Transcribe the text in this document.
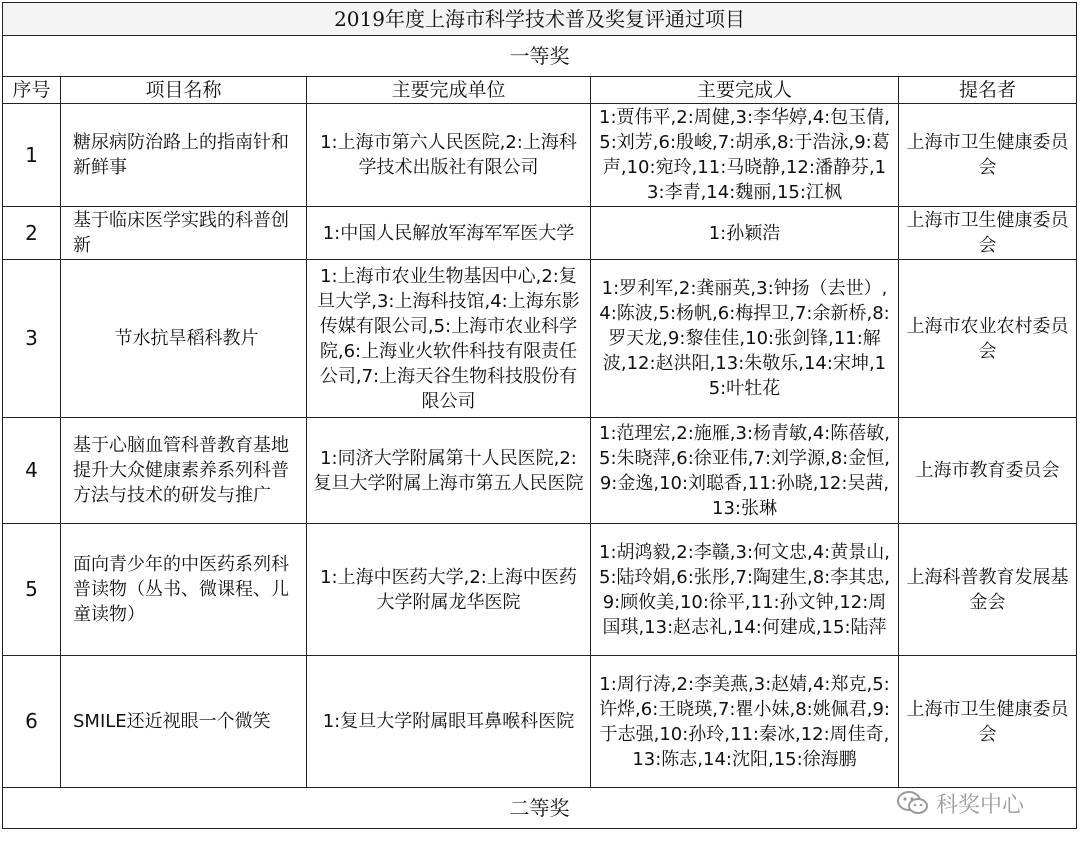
2019年度上海市科学技术普及奖复评通过项目				
一等奖				
序号	项目名称	主要完成单位	主要完成人	提名者
1	糖尿病防治路上的指南针和新鲜事	1:上海市第六人民医院,2:上海科学技术出版社有限公司	1:贾伟平,2:周健,3:李华婷,4:包玉倩,5:刘芳,6:殷峻,7:胡承,8:于浩泳,9:葛声,10:宛玲,11:马晓静,12:潘静芬,13:李青,14:魏丽,15:江枫	上海市卫生健康委员会
2	基于临床医学实践的科普创新	1:中国人民解放军海军军医大学	1:孙颖浩	上海市卫生健康委员会
3	节水抗旱稻科教片	1:上海市农业生物基因中心,2:复旦大学,3:上海科技馆,4:上海东影传媒有限公司,5:上海市农业科学院,6:上海业火软件科技有限责任公司,7:上海天谷生物科技股份有限公司	1:罗利军,2:龚丽英,3:钟扬（去世）,4:陈波,5:杨帆,6:梅捍卫,7:余新桥,8:罗天龙,9:黎佳佳,10:张剑锋,11:解波,12:赵洪阳,13:朱敬乐,14:宋坤,15:叶牡花	上海市农业农村委员会
4	基于心脑血管科普教育基地提升大众健康素养系列科普方法与技术的研发与推广	1:同济大学附属第十人民医院,2:复旦大学附属上海市第五人民医院	1:范理宏,2:施雁,3:杨青敏,4:陈蓓敏,5:朱晓萍,6:徐亚伟,7:刘学源,8:金恒,9:金逸,10:刘聪香,11:孙晓,12:吴茜,13:张琳	上海市教育委员会
5	面向青少年的中医药系列科普读物（丛书、微课程、儿童读物）	1:上海中医药大学,2:上海中医药大学附属龙华医院	1:胡鸿毅,2:李赣,3:何文忠,4:黄景山,5:陆玲娟,6:张彤,7:陶建生,8:李其忠,9:顾攸美,10:徐平,11:孙文钟,12:周国琪,13:赵志礼,14:何建成,15:陆萍	上海科普教育发展基金会
6	SMILE还近视眼一个微笑	1:复旦大学附属眼耳鼻喉科医院	1:周行涛,2:李美燕,3:赵婧,4:郑克,5:许烨,6:王晓瑛,7:瞿小妹,8:姚佩君,9:于志强,10:孙玲,11:秦冰,12:周佳奇,13:陈志,14:沈阳,15:徐海鹏	上海市卫生健康委员会
二等奖					科奖中心
